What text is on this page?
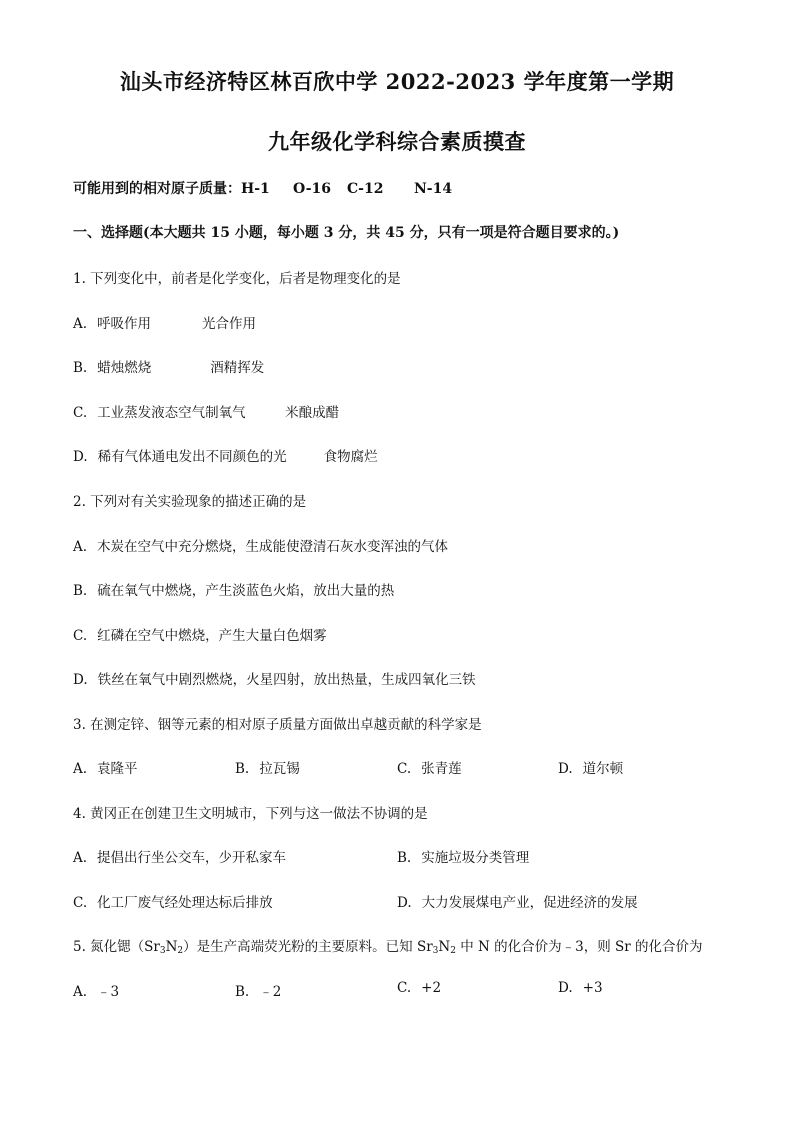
汕头市经济特区林百欣中学 2022-2023 学年度第一学期
九年级化学科综合素质摸查
可能用到的相对原子质量：H-1 O-16 C-12 N-14
一、选择题(本大题共 15 小题，每小题 3 分，共 45 分，只有一项是符合题目要求的。)
1. 下列变化中，前者是化学变化，后者是物理变化的是
A. 呼吸作用	光合作用
B. 蜡烛燃烧	酒精挥发
C. 工业蒸发液态空气制氧气	米酿成醋
D. 稀有气体通电发出不同颜色的光	食物腐烂
2. 下列对有关实验现象的描述正确的是
A. 木炭在空气中充分燃烧，生成能使澄清石灰水变浑浊的气体
B. 硫在氧气中燃烧，产生淡蓝色火焰，放出大量的热
C. 红磷在空气中燃烧，产生大量白色烟雾
D. 铁丝在氧气中剧烈燃烧，火星四射，放出热量，生成四氧化三铁
3. 在测定锌、铟等元素的相对原子质量方面做出卓越贡献的科学家是
A. 袁隆平	B. 拉瓦锡	C. 张青莲	D. 道尔顿
4. 黄冈正在创建卫生文明城市，下列与这一做法不协调的是
A. 提倡出行坐公交车，少开私家车	B. 实施垃圾分类管理
C. 化工厂废气经处理达标后排放	D. 大力发展煤电产业，促进经济的发展
5. 氮化锶$(Sr_3N_2)$是生产高端荧光粉的主要原料。已知 $Sr_3N_2$ 中 N 的化合价为﹣3，则 Sr 的化合价为
A. ﹣3	B. ﹣2	C. +2	D. +3
